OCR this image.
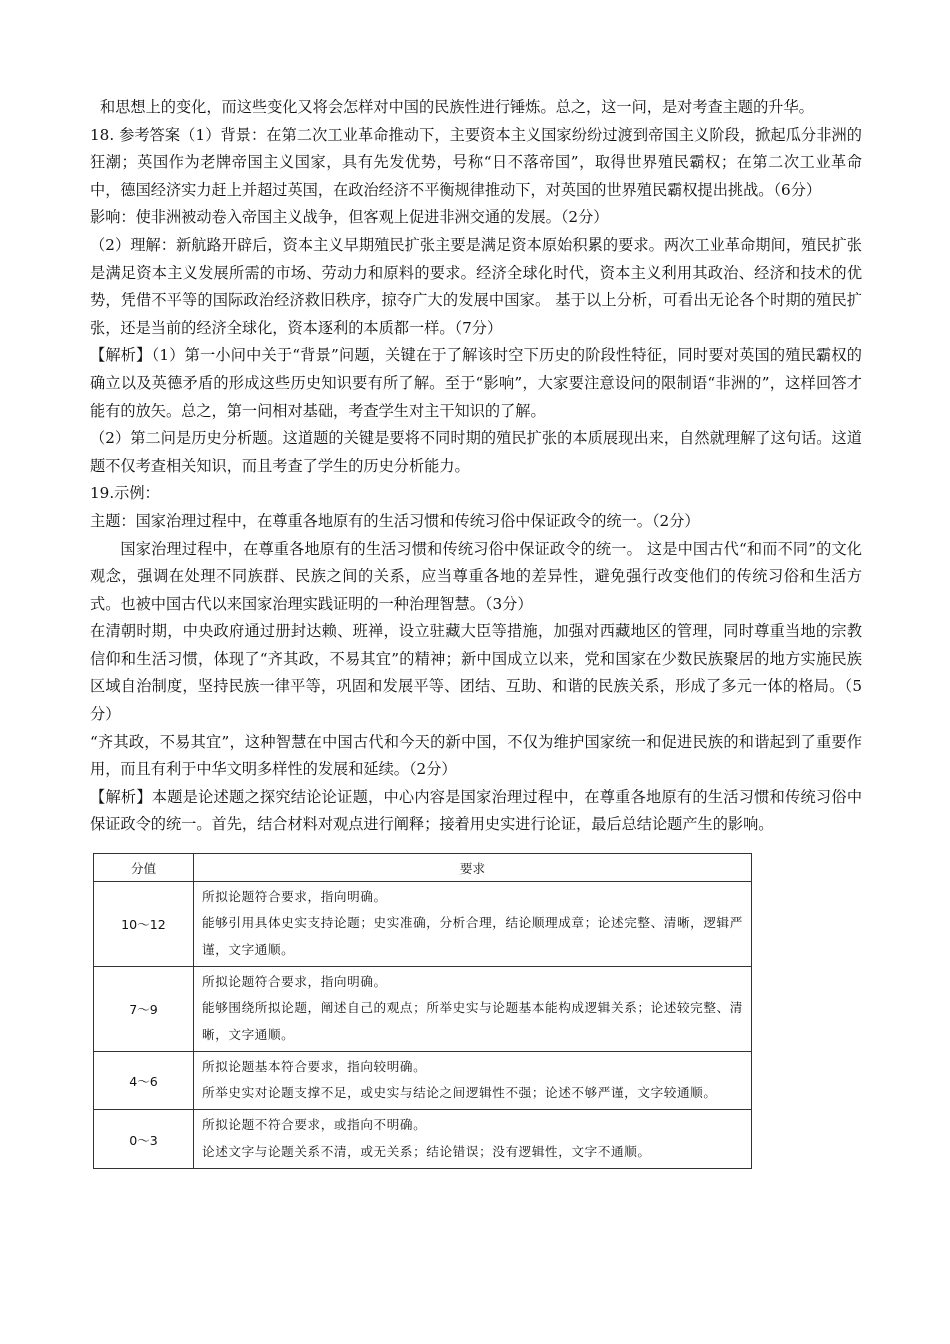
和思想上的变化，而这些变化又将会怎样对中国的民族性进行锤炼。总之，这一问，是对考查主题的升华。

18. 参考答案（1）背景：在第二次工业革命推动下，主要资本主义国家纷纷过渡到帝国主义阶段，掀起瓜分非洲的狂潮；英国作为老牌帝国主义国家，具有先发优势，号称“日不落帝国”，取得世界殖民霸权；在第二次工业革命中，德国经济实力赶上并超过英国，在政治经济不平衡规律推动下，对英国的世界殖民霸权提出挑战。（6分）

影响：使非洲被动卷入帝国主义战争，但客观上促进非洲交通的发展。（2分）

（2）理解：新航路开辟后，资本主义早期殖民扩张主要是满足资本原始积累的要求。两次工业革命期间，殖民扩张是满足资本主义发展所需的市场、劳动力和原料的要求。经济全球化时代，资本主义利用其政治、经济和技术的优势，凭借不平等的国际政治经济救旧秩序，掠夺广大的发展中国家。 基于以上分析，可看出无论各个时期的殖民扩张，还是当前的经济全球化，资本逐利的本质都一样。（7分）

【解析】（1）第一小问中关于“背景”问题，关键在于了解该时空下历史的阶段性特征，同时要对英国的殖民霸权的确立以及英德矛盾的形成这些历史知识要有所了解。至于“影响”，大家要注意设问的限制语“非洲的”，这样回答才能有的放矢。总之，第一问相对基础，考查学生对主干知识的了解。

（2）第二问是历史分析题。这道题的关键是要将不同时期的殖民扩张的本质展现出来，自然就理解了这句话。这道题不仅考查相关知识，而且考查了学生的历史分析能力。

19.示例：

主题：国家治理过程中，在尊重各地原有的生活习惯和传统习俗中保证政令的统一。（2分）

国家治理过程中，在尊重各地原有的生活习惯和传统习俗中保证政令的统一。 这是中国古代“和而不同”的文化观念，强调在处理不同族群、民族之间的关系，应当尊重各地的差异性，避免强行改变他们的传统习俗和生活方式。也被中国古代以来国家治理实践证明的一种治理智慧。（3分）

在清朝时期，中央政府通过册封达赖、班禅，设立驻藏大臣等措施，加强对西藏地区的管理，同时尊重当地的宗教信仰和生活习惯，体现了“齐其政，不易其宜”的精神；新中国成立以来，党和国家在少数民族聚居的地方实施民族区域自治制度，坚持民族一律平等，巩固和发展平等、团结、互助、和谐的民族关系，形成了多元一体的格局。（5分）

“齐其政，不易其宜”，这种智慧在中国古代和今天的新中国，不仅为维护国家统一和促进民族的和谐起到了重要作用，而且有利于中华文明多样性的发展和延续。（2分）

【解析】本题是论述题之探究结论论证题，中心内容是国家治理过程中，在尊重各地原有的生活习惯和传统习俗中保证政令的统一。首先，结合材料对观点进行阐释；接着用史实进行论证，最后总结论题产生的影响。

分值	要求
10～12	所拟论题符合要求，指向明确。
能够引用具体史实支持论题；史实准确，分析合理，结论顺理成章；论述完整、清晰，逻辑严谨，文字通顺。

7～9	所拟论题符合要求，指向明确。
能够围绕所拟论题，阐述自己的观点；所举史实与论题基本能构成逻辑关系；论述较完整、清晰，文字通顺。

4～6	所拟论题基本符合要求，指向较明确。
所举史实对论题支撑不足，或史实与结论之间逻辑性不强；论述不够严谨，文字较通顺。

0～3	所拟论题不符合要求，或指向不明确。
论述文字与论题关系不清，或无关系；结论错误；没有逻辑性，文字不通顺。
